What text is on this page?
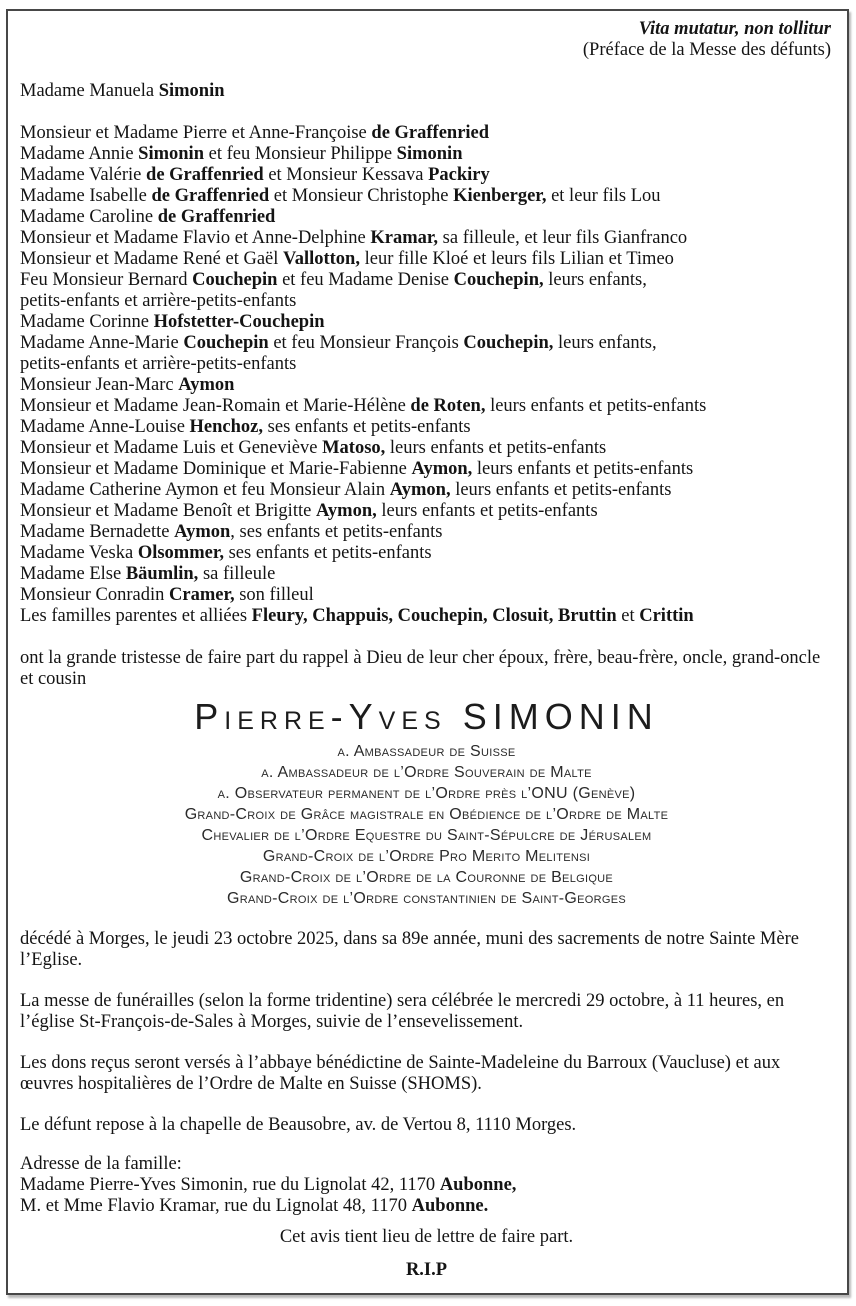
Vita mutatur, non tollitur
(Préface de la Messe des défunts)
Madame Manuela Simonin
Monsieur et Madame Pierre et Anne-Françoise de Graffenried
Madame Annie Simonin et feu Monsieur Philippe Simonin
Madame Valérie de Graffenried et Monsieur Kessava Packiry
Madame Isabelle de Graffenried et Monsieur Christophe Kienberger, et leur fils Lou
Madame Caroline de Graffenried
Monsieur et Madame Flavio et Anne-Delphine Kramar, sa filleule, et leur fils Gianfranco
Monsieur et Madame René et Gaël Vallotton, leur fille Kloé et leurs fils Lilian et Timeo
Feu Monsieur Bernard Couchepin et feu Madame Denise Couchepin, leurs enfants,
petits-enfants et arrière-petits-enfants
Madame Corinne Hofstetter-Couchepin
Madame Anne-Marie Couchepin et feu Monsieur François Couchepin, leurs enfants,
petits-enfants et arrière-petits-enfants
Monsieur Jean-Marc Aymon
Monsieur et Madame Jean-Romain et Marie-Hélène de Roten, leurs enfants et petits-enfants
Madame Anne-Louise Henchoz, ses enfants et petits-enfants
Monsieur et Madame Luis et Geneviève Matoso, leurs enfants et petits-enfants
Monsieur et Madame Dominique et Marie-Fabienne Aymon, leurs enfants et petits-enfants
Madame Catherine Aymon et feu Monsieur Alain Aymon, leurs enfants et petits-enfants
Monsieur et Madame Benoît et Brigitte Aymon, leurs enfants et petits-enfants
Madame Bernadette Aymon, ses enfants et petits-enfants
Madame Veska Olsommer, ses enfants et petits-enfants
Madame Else Bäumlin, sa filleule
Monsieur Conradin Cramer, son filleul
Les familles parentes et alliées Fleury, Chappuis, Couchepin, Closuit, Bruttin et Crittin

ont la grande tristesse de faire part du rappel à Dieu de leur cher époux, frère, beau-frère, oncle, grand-oncle et cousin

Pierre-Yves SIMONIN
a. Ambassadeur de Suisse
a. Ambassadeur de l’Ordre Souverain de Malte
a. Observateur permanent de l’Ordre près l’ONU (Genève)
Grand-Croix de Grâce magistrale en Obédience de l’Ordre de Malte
Chevalier de l’Ordre Equestre du Saint-Sépulcre de Jérusalem
Grand-Croix de l’Ordre Pro Merito Melitensi
Grand-Croix de l’Ordre de la Couronne de Belgique
Grand-Croix de l’Ordre constantinien de Saint-Georges

décédé à Morges, le jeudi 23 octobre 2025, dans sa 89e année, muni des sacrements de notre Sainte Mère l’Eglise.

La messe de funérailles (selon la forme tridentine) sera célébrée le mercredi 29 octobre, à 11 heures, en l’église St-François-de-Sales à Morges, suivie de l’ensevelissement.

Les dons reçus seront versés à l’abbaye bénédictine de Sainte-Madeleine du Barroux (Vaucluse) et aux œuvres hospitalières de l’Ordre de Malte en Suisse (SHOMS).

Le défunt repose à la chapelle de Beausobre, av. de Vertou 8, 1110 Morges.

Adresse de la famille:

Madame Pierre-Yves Simonin, rue du Lignolat 42, 1170 Aubonne,
M. et Mme Flavio Kramar, rue du Lignolat 48, 1170 Aubonne.

Cet avis tient lieu de lettre de faire part.

R.I.P
